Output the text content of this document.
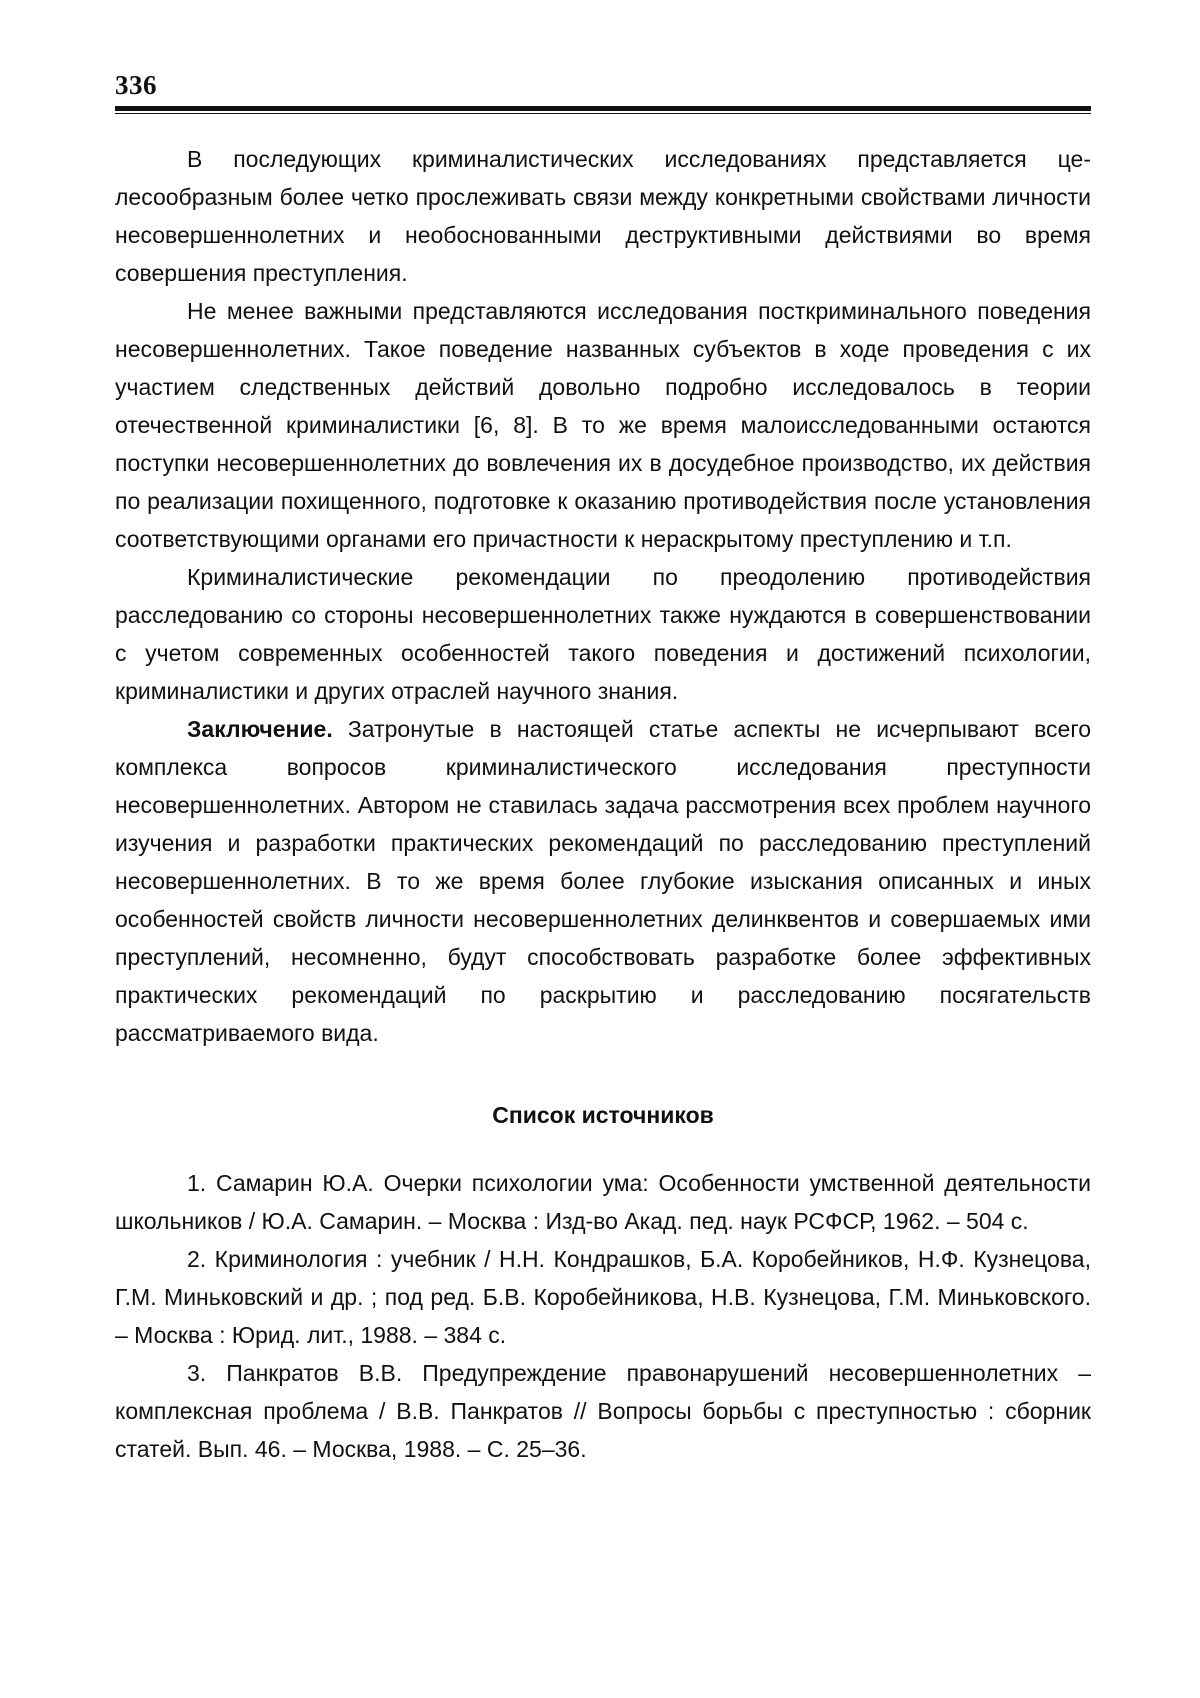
336

В последующих криминалистических исследованиях представляется целесообразным более четко прослеживать связи между конкретными свойствами личности несовершеннолетних и необоснованными деструктивными действиями во время совершения преступления.

Не менее важными представляются исследования посткриминального поведения несовершеннолетних. Такое поведение названных субъектов в ходе проведения с их участием следственных действий довольно подробно исследовалось в теории отечественной криминалистики [6, 8]. В то же время малоисследованными остаются поступки несовершеннолетних до вовлечения их в досудебное производство, их действия по реализации похищенного, подготовке к оказанию противодействия после установления соответствующими органами его причастности к нераскрытому преступлению и т.п.

Криминалистические рекомендации по преодолению противодействия расследованию со стороны несовершеннолетних также нуждаются в совершенствовании с учетом современных особенностей такого поведения и достижений психологии, криминалистики и других отраслей научного знания.

Заключение. Затронутые в настоящей статье аспекты не исчерпывают всего комплекса вопросов криминалистического исследования преступности несовершеннолетних. Автором не ставилась задача рассмотрения всех проблем научного изучения и разработки практических рекомендаций по расследованию преступлений несовершеннолетних. В то же время более глубокие изыскания описанных и иных особенностей свойств личности несовершеннолетних делинквентов и совершаемых ими преступлений, несомненно, будут способствовать разработке более эффективных практических рекомендаций по раскрытию и расследованию посягательств рассматриваемого вида.

Список источников

1. Самарин Ю.А. Очерки психологии ума: Особенности умственной деятельности школьников / Ю.А. Самарин. – Москва : Изд-во Акад. пед. наук РСФСР, 1962. – 504 с.

2. Криминология : учебник / Н.Н. Кондрашков, Б.А. Коробейников, Н.Ф. Кузнецова, Г.М. Миньковский и др. ; под ред. Б.В. Коробейникова, Н.В. Кузнецова, Г.М. Миньковского. – Москва : Юрид. лит., 1988. – 384 с.

3. Панкратов В.В. Предупреждение правонарушений несовершеннолетних – комплексная проблема / В.В. Панкратов // Вопросы борьбы с преступностью : сборник статей. Вып. 46. – Москва, 1988. – С. 25–36.
